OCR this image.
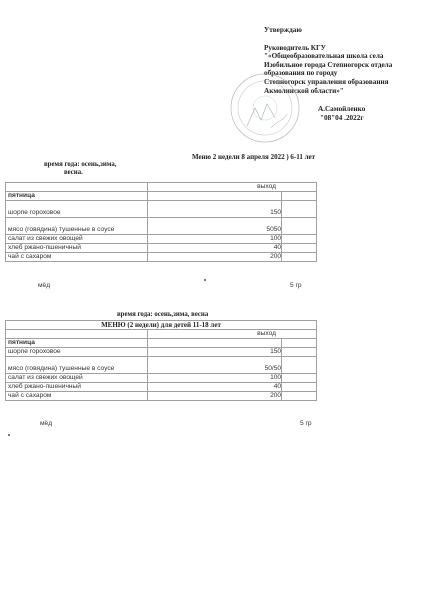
Утверждаю
Руководитель КГУ
"«Общеобразовательная школа села
Изобильное города Степногорск отдела
образования по городу
Степногорск управления образования
Акмолинской области»"
А.Самойленко
"08"04 .2022г
Меню 2 недели 8 апреля 2022 ) 6-11 лет
время года: осень,зима,
весна.
	выход	
пятница		
шорпе гороховое	150	
мясо (говядина) тушенные в соусе	5050	
салат из свежих овощей	100	
хлеб ржано-пшеничный	40	
чай с сахаром	200	
мёд	5 гр
время года: осень,зима, весна
МЕНЮ (2 недели) для детей 11-18 лет		
	выход	
пятница		
шорпе гороховое	150	
мясо (говядина) тушенные в соусе	50/50	
салат из свежих овощей	100	
хлеб ржано-пшеничный	40	
чай с сахаром	200	
мёд	5 гр
